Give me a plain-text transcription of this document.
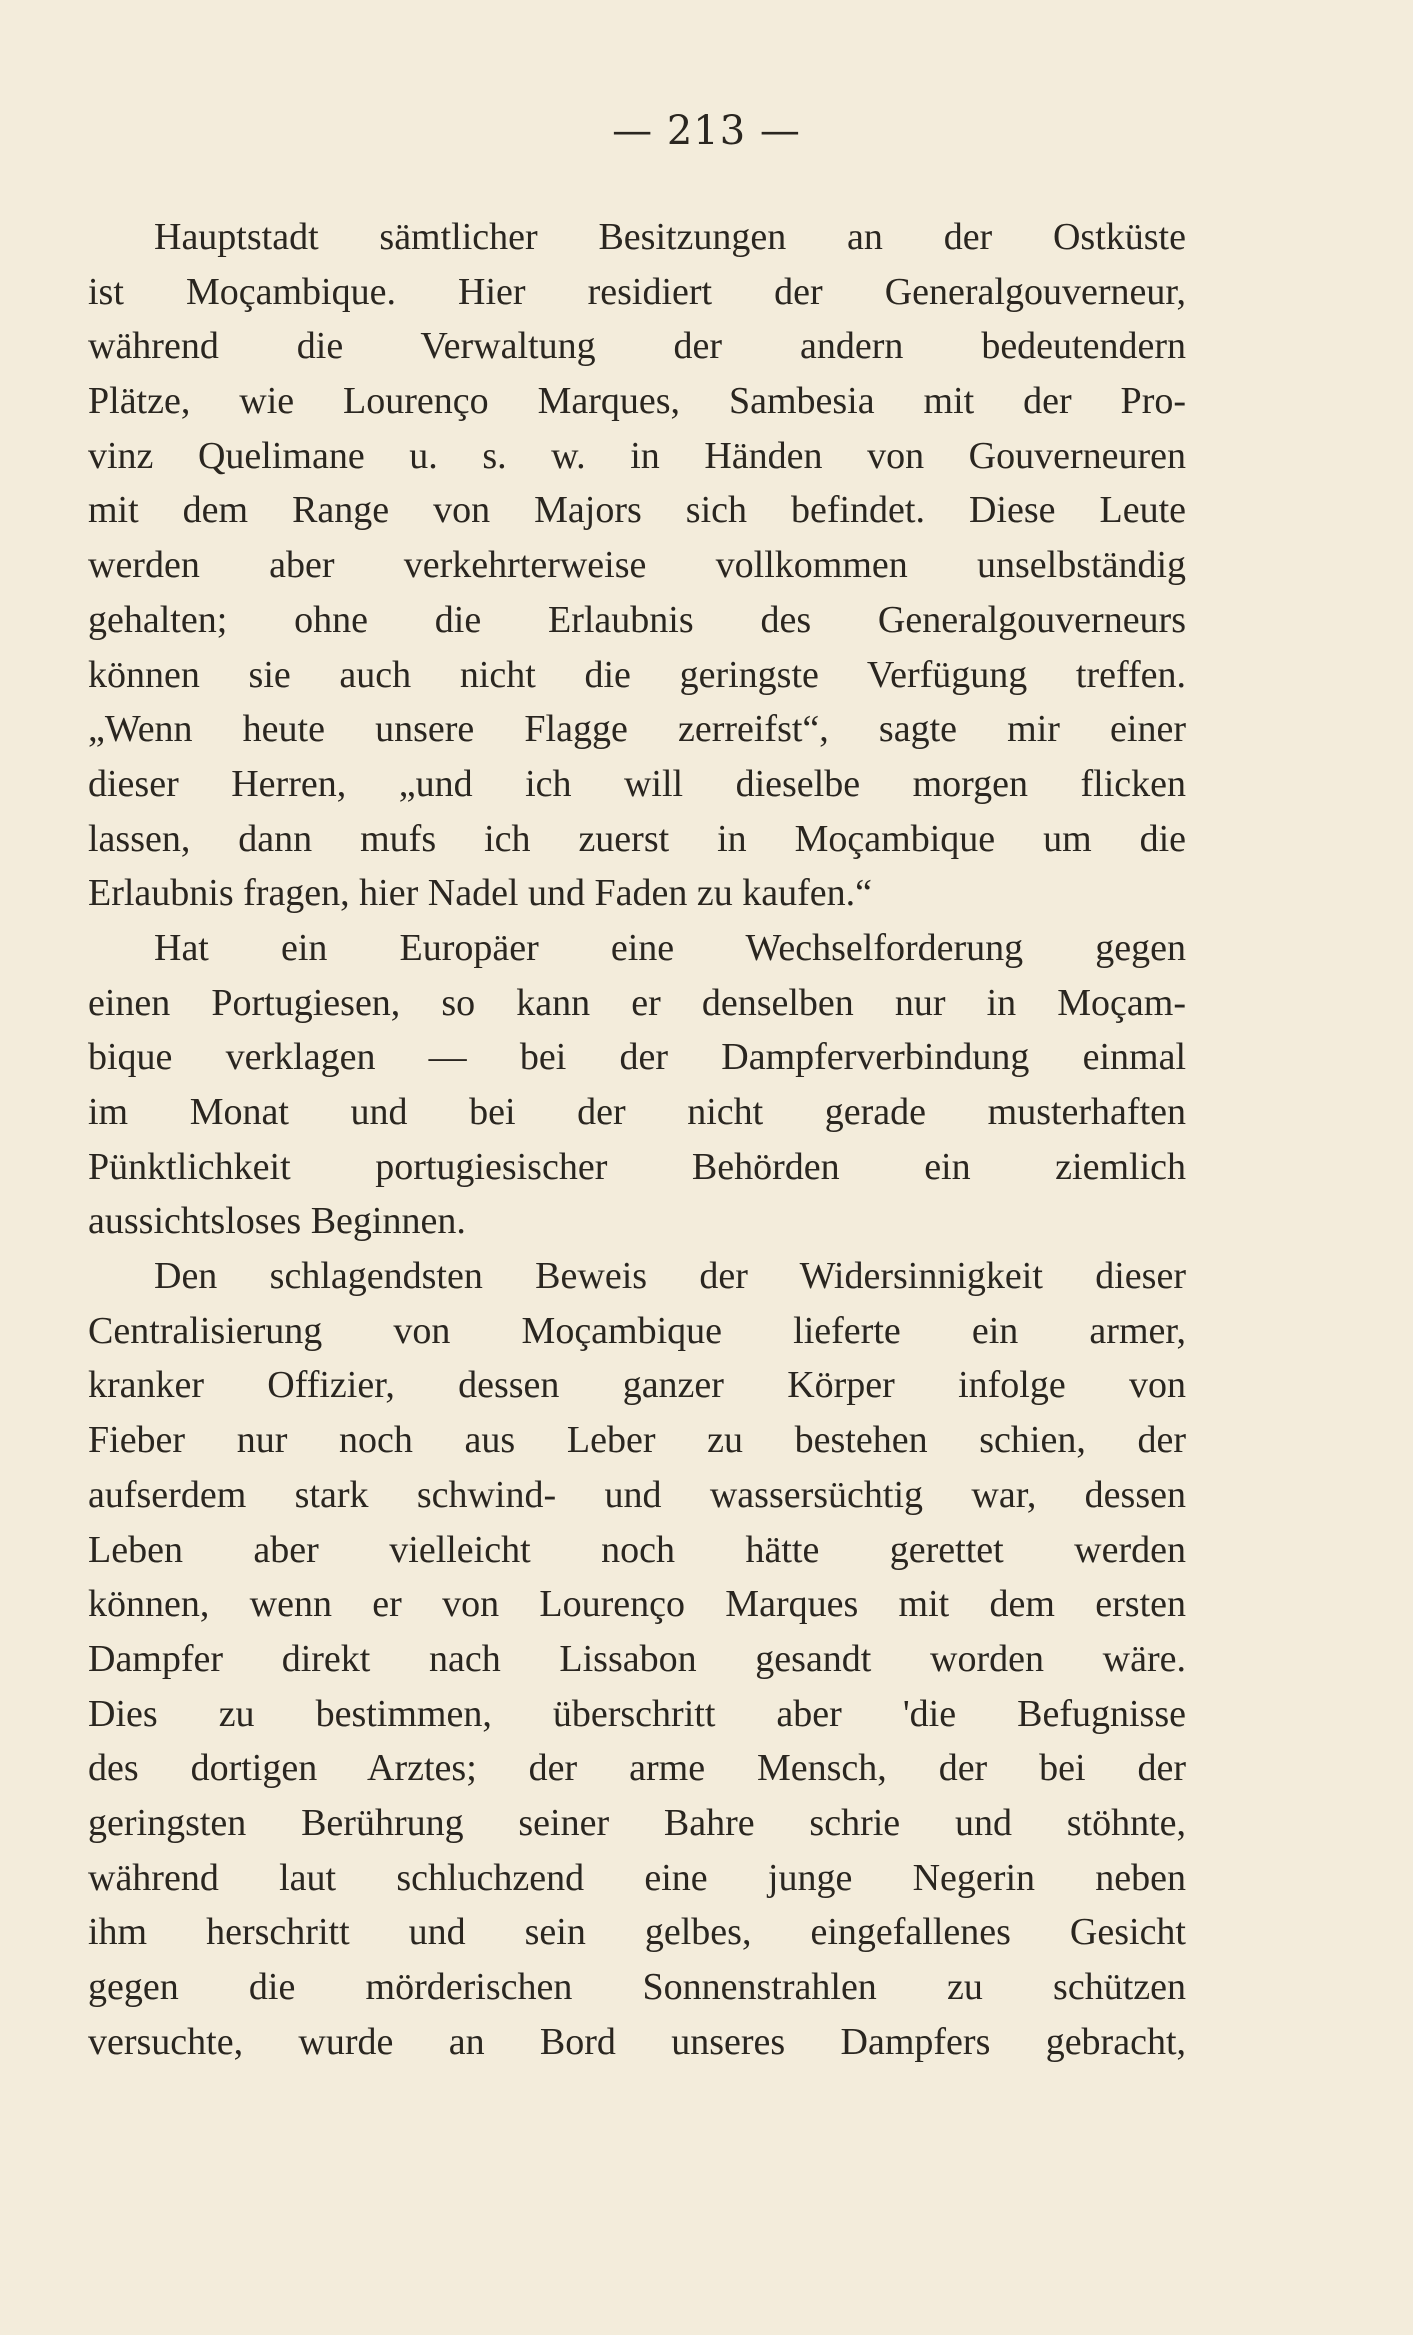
— 213 —
Hauptstadt sämtlicher Besitzungen an der Ostküste
ist Moçambique. Hier residiert der Generalgouverneur,
während die Verwaltung der andern bedeutendern
Plätze, wie Lourenço Marques, Sambesia mit der Pro-
vinz Quelimane u. s. w. in Händen von Gouverneuren
mit dem Range von Majors sich befindet. Diese Leute
werden aber verkehrterweise vollkommen unselbständig
gehalten; ohne die Erlaubnis des Generalgouverneurs
können sie auch nicht die geringste Verfügung treffen.
„Wenn heute unsere Flagge zerreifst“, sagte mir einer
dieser Herren, „und ich will dieselbe morgen flicken
lassen, dann mufs ich zuerst in Moçambique um die
Erlaubnis fragen, hier Nadel und Faden zu kaufen.“
Hat ein Europäer eine Wechselforderung gegen
einen Portugiesen, so kann er denselben nur in Moçam-
bique verklagen — bei der Dampferverbindung einmal
im Monat und bei der nicht gerade musterhaften
Pünktlichkeit portugiesischer Behörden ein ziemlich
aussichtsloses Beginnen.
Den schlagendsten Beweis der Widersinnigkeit dieser
Centralisierung von Moçambique lieferte ein armer,
kranker Offizier, dessen ganzer Körper infolge von
Fieber nur noch aus Leber zu bestehen schien, der
aufserdem stark schwind- und wassersüchtig war, dessen
Leben aber vielleicht noch hätte gerettet werden
können, wenn er von Lourenço Marques mit dem ersten
Dampfer direkt nach Lissabon gesandt worden wäre.
Dies zu bestimmen, überschritt aber 'die Befugnisse
des dortigen Arztes; der arme Mensch, der bei der
geringsten Berührung seiner Bahre schrie und stöhnte,
während laut schluchzend eine junge Negerin neben
ihm herschritt und sein gelbes, eingefallenes Gesicht
gegen die mörderischen Sonnenstrahlen zu schützen
versuchte, wurde an Bord unseres Dampfers gebracht,
